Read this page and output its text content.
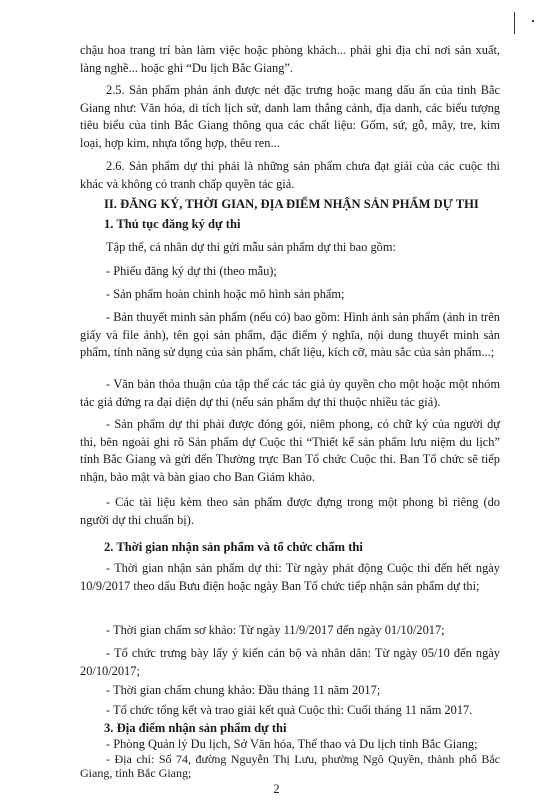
chậu hoa trang trí bàn làm việc hoặc phòng khách... phải ghi địa chỉ nơi sản xuất, làng nghề... hoặc ghi “Du lịch Bắc Giang”.

2.5. Sản phẩm phản ánh được nét đặc trưng hoặc mang dấu ấn của tỉnh Bắc Giang như: Văn hóa, di tích lịch sử, danh lam thắng cảnh, địa danh, các biểu tượng tiêu biểu của tỉnh Bắc Giang thông qua các chất liệu: Gốm, sứ, gỗ, mây, tre, kim loại, hợp kim, nhựa tổng hợp, thêu ren...

2.6. Sản phẩm dự thi phải là những sản phẩm chưa đạt giải của các cuộc thi khác và không có tranh chấp quyền tác giả.

II. ĐĂNG KÝ, THỜI GIAN, ĐỊA ĐIỂM NHẬN SẢN PHẨM DỰ THI

1. Thủ tục đăng ký dự thi

Tập thể, cá nhân dự thi gửi mẫu sản phẩm dự thi bao gồm:

- Phiếu đăng ký dự thi (theo mẫu);

- Sản phẩm hoàn chỉnh hoặc mô hình sản phẩm;

- Bản thuyết minh sản phẩm (nếu có) bao gồm: Hình ảnh sản phẩm (ảnh in trên giấy và file ảnh), tên gọi sản phẩm, đặc điểm ý nghĩa, nội dung thuyết minh sản phẩm, tính năng sử dụng của sản phẩm, chất liệu, kích cỡ, màu sắc của sản phẩm...;

- Văn bản thỏa thuận của tập thể các tác giả ủy quyền cho một hoặc một nhóm tác giả đứng ra đại diện dự thi (nếu sản phẩm dự thi thuộc nhiều tác giả).

- Sản phẩm dự thi phải được đóng gói, niêm phong, có chữ ký của người dự thi, bên ngoài ghi rõ Sản phẩm dự Cuộc thi “Thiết kế sản phẩm lưu niệm du lịch” tỉnh Bắc Giang và gửi đến Thường trực Ban Tổ chức Cuộc thi. Ban Tổ chức sẽ tiếp nhận, bảo mật và bàn giao cho Ban Giám khảo.

- Các tài liệu kèm theo sản phẩm được đựng trong một phong bì riêng (do người dự thi chuẩn bị).

2. Thời gian nhận sản phẩm và tổ chức chấm thi

- Thời gian nhận sản phẩm dự thi: Từ ngày phát động Cuộc thi đến hết ngày 10/9/2017 theo dấu Bưu điện hoặc ngày Ban Tổ chức tiếp nhận sản phẩm dự thi;

- Thời gian chấm sơ khảo: Từ ngày 11/9/2017 đến ngày 01/10/2017;

- Tổ chức trưng bày lấy ý kiến cán bộ và nhân dân: Từ ngày 05/10 đến ngày 20/10/2017;

- Thời gian chấm chung khảo: Đầu tháng 11 năm 2017;

- Tổ chức tổng kết và trao giải kết quả Cuộc thi: Cuối tháng 11 năm 2017.

3. Địa điểm nhận sản phẩm dự thi

- Phòng Quản lý Du lịch, Sở Văn hóa, Thể thao và Du lịch tỉnh Bắc Giang;

- Địa chỉ: Số 74, đường Nguyễn Thị Lưu, phường Ngô Quyền, thành phố Bắc Giang, tỉnh Bắc Giang;

2
